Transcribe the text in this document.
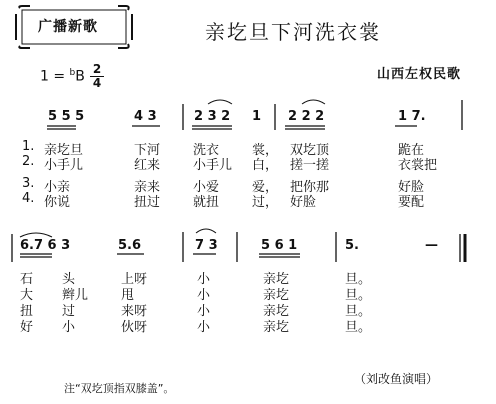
广播新歌	亲圪旦下河洗衣裳
$1 = ^bB \frac{2}{4}$	山西左权民歌
5 5 5	4 3	2 3 2 1 2 2 2	1 7.
1. 亲圪旦	下河	洗衣	裳， 双圪顶	跪在
2. 小手儿	红来	小手儿 白， 搓一搓	衣裳把
3. 小亲	亲来	小爱	爱， 把你那	好脸
4. 你说	扭过	就扭	过， 好脸	要配
6.7 6 3	5.6	7 3	5 6 1	5.	—
石 头	上呀	小	亲圪	旦。
大 辫儿	甩	小	亲圪	旦。
扭 过	来呀	小	亲圪	旦。
好 小	伙呀	小	亲圪	旦。
（刘改鱼演唱）
注“双圪顶指双膝盖”。
